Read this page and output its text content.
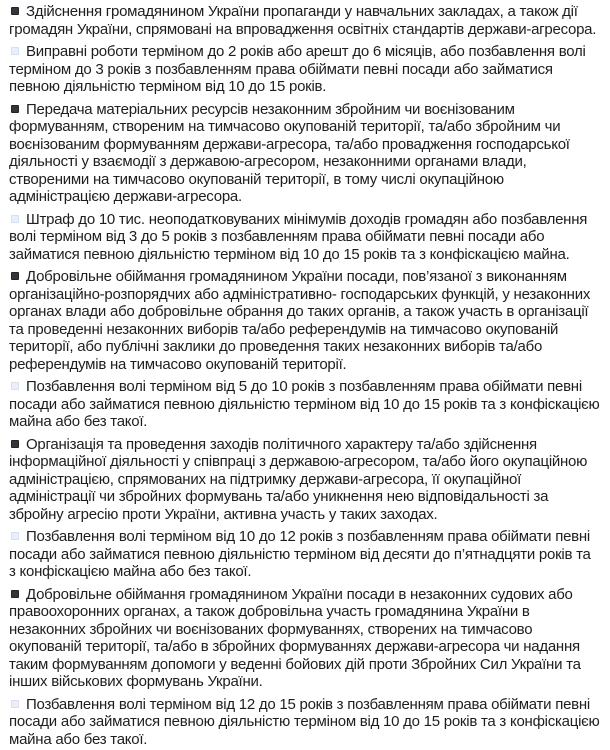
Здійснення громадянином України пропаганди у навчальних закладах, а також дії громадян України, спрямовані на впровадження освітніх стандартів держави-агресора.

Виправні роботи терміном до 2 років або арешт до 6 місяців, або позбавлення волі терміном до 3 років з позбавленням права обіймати певні посади або займатися певною діяльністю терміном від 10 до 15 років.

Передача матеріальних ресурсів незаконним збройним чи воєнізованим формуванням, створеним на тимчасово окупованій території, та/або збройним чи воєнізованим формуванням держави-агресора, та/або провадження господарської діяльності у взаємодії з державою-агресором, незаконними органами влади, створеними на тимчасово окупованій території, в тому числі окупаційною адміністрацією держави-агресора.

Штраф до 10 тис. неоподатковуваних мінімумів доходів громадян або позбавлення волі терміном від 3 до 5 років з позбавленням права обіймати певні посади або займатися певною діяльністю терміном від 10 до 15 років та з конфіскацією майна.

Добровільне обіймання громадянином України посади, пов’язаної з виконанням організаційно-розпорядчих або адміністративно- господарських функцій, у незаконних органах влади або добровільне обрання до таких органів, а також участь в організації та проведенні незаконних виборів та/або референдумів на тимчасово окупованій території, або публічні заклики до проведення таких незаконних виборів та/або референдумів на тимчасово окупованій території.

Позбавлення волі терміном від 5 до 10 років з позбавленням права обіймати певні посади або займатися певною діяльністю терміном від 10 до 15 років та з конфіскацією майна або без такої.

Організація та проведення заходів політичного характеру та/або здійснення інформаційної діяльності у співпраці з державою-агресором, та/або його окупаційною адміністрацією, спрямованих на підтримку держави-агресора, її окупаційної адміністрації чи збройних формувань та/або уникнення нею відповідальності за збройну агресію проти України, активна участь у таких заходах.

Позбавлення волі терміном від 10 до 12 років з позбавленням права обіймати певні посади або займатися певною діяльністю терміном від десяти до п’ятнадцяти років та з конфіскацією майна або без такої.

Добровільне обіймання громадянином України посади в незаконних судових або правоохоронних органах, а також добровільна участь громадянина України в незаконних збройних чи воєнізованих формуваннях, створених на тимчасово окупованій території, та/або в збройних формуваннях держави-агресора чи надання таким формуванням допомоги у веденні бойових дій проти Збройних Сил України та інших військових формувань України.

Позбавлення волі терміном від 12 до 15 років з позбавленням права обіймати певні посади або займатися певною діяльністю терміном від 10 до 15 років та з конфіскацією майна або без такої.
